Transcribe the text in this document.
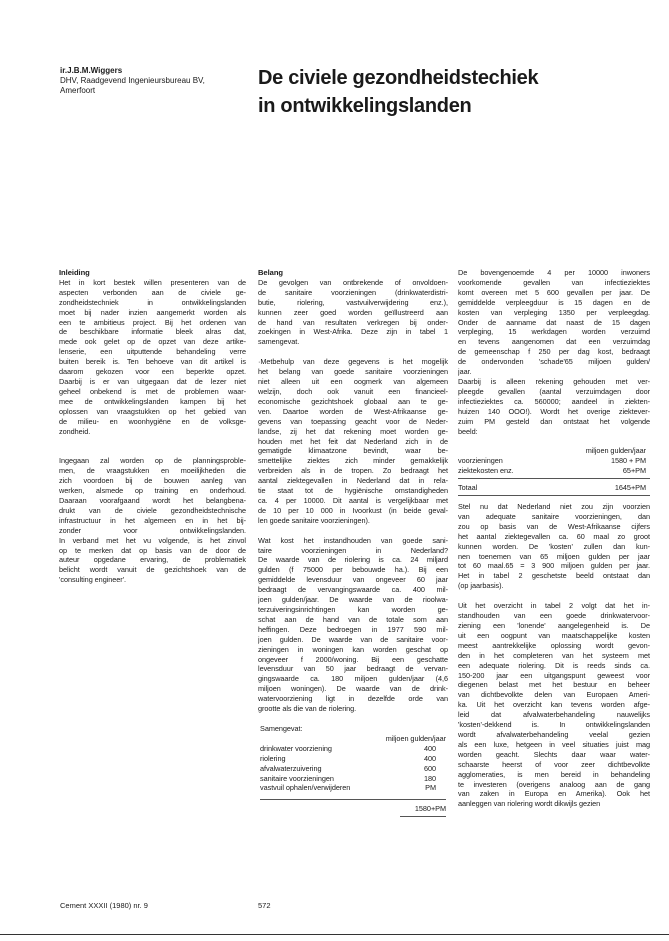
ir.J.B.M.Wiggers
DHV, Raadgevend Ingenieursbureau BV,
Amerfoort
De civiele gezondheidstechiek
in ontwikkelingslanden
Inleiding
Het in kort bestek willen presenteren van de
aspecten verbonden aan de civiele ge-
zondheidstechniek in ontwikkelingslanden
moet bij nader inzien aangemerkt worden als
een te ambitieus project. Bij het ordenen van
de beschikbare informatie bleek alras dat,
mede ook gelet op de opzet van deze artike-
lenserie, een uitputtende behandeling verre
buiten bereik is. Ten behoeve van dit artikel is
daarom gekozen voor een beperkte opzet.
Daarbij is er van uitgegaan dat de lezer niet
geheel onbekend is met de problemen waar-
mee de ontwikkelingslanden kampen bij het
oplossen van vraagstukken op het gebied van
de milieu- en woonhygiëne en de volksge-
zondheid.
Ingegaan zal worden op de planningsproble-
men, de vraagstukken en moeilijkheden die
zich voordoen bij de bouwen aanleg van
werken, alsmede op training en onderhoud.
Daaraan voorafgaand wordt het belangbena-
drukt van de civiele gezondheidstechnische
infrastructuur in het algemeen en in het bij-
zonder voor ontwikkelingslanden.
In verband met het vu volgende, is het zinvol
op te merken dat op basis van de door de
auteur opgedane ervaring, de problematiek
belicht wordt vanuit de gezichtshoek van de
'consulting engineer'.
Belang
De gevolgen van ontbrekende of onvoldoen-
de sanitaire voorzieningen (drinkwaterdistri-
butie, riolering, vastvuilverwijdering enz.),
kunnen zeer goed worden geïllustreerd aan
de hand van resultaten verkregen bij onder-
zoekingen in West-Afrika. Deze zijn in tabel 1
samengevat.
·Metbehulp van deze gegevens is het mogelijk
het belang van goede sanitaire voorzieningen
niet alleen uit een oogmerk van algemeen
welzijn, doch ook vanuit een financieel-
economische gezichtshoek globaal aan te ge-
ven. Daartoe worden de West-Afrikaanse ge-
gevens van toepassing geacht voor de Neder-
landse, zij het dat rekening moet worden ge-
houden met het feit dat Nederland zich in de
gematigde klimaatzone bevindt, waar be-
smettelijke ziektes zich minder gemakkelijk
verbreiden als in de tropen. Zo bedraagt het
aantal ziektegevallen in Nederland dat in rela-
tie staat tot de hygiënische omstandigheden
ca. 4 per 10000. Dit aantal is vergelijkbaar met
de 10 per 10 000 in Ivoorkust (in beide geval-
len goede sanitaire voorzieningen).
Wat kost het instandhouden van goede sani-
taire voorzieningen in Nederland?
De waarde van de riolering is ca. 24 miljard
gulden (f 75000 per bebouwde ha.). Bij een
gemiddelde levensduur van ongeveer 60 jaar
bedraagt de vervangingswaarde ca. 400 mil-
joen gulden/jaar. De waarde van de rioolwa-
terzuiveringsinrichtingen kan worden ge-
schat aan de hand van de totale som aan
heffingen. Deze bedroegen in 1977 590 mil-
joen gulden. De waarde van de sanitaire voor-
zieningen in woningen kan worden geschat op
ongeveer f 2000/woning. Bij een geschatte
levensduur van 50 jaar bedraagt de vervan-
gingswaarde ca. 180 miljoen gulden/jaar (4,6
miljoen woningen). De waarde van de drink-
watervoorziening ligt in dezelfde orde van
grootte als die van de riolering.
Samengevat:
miljoen gulden/jaar
drinkwater voorziening	400
riolering	400
afvalwaterzuivering	600
sanitaire voorzieningen	180
vastvuil ophalen/verwijderen	PM
1580+PM
De bovengenoemde 4 per 10000 inwoners
voorkomende gevallen van infectieziektes
komt overeen met 5 600 gevallen per jaar. De
gemiddelde verpleegduur is 15 dagen en de
kosten van verpleging 1350 per verpleegdag.
Onder de aanname dat naast de 15 dagen
verpleging, 15 werkdagen worden verzuimd
en tevens aangenomen dat een verzuimdag
de gemeenschap f 250 per dag kost, bedraagt
de ondervonden 'schade'65 miljoen gulden/
jaar.
Daarbij is alleen rekening gehouden met ver-
pleegde gevallen (aantal verzuimdagen door
infectieziektes ca. 560000; aandeel in ziekten-
huizen 140 OOO!). Wordt het overige ziektever-
zuim PM gesteld dan ontstaat het volgende
beeld:
miljoen gulden/jaar
voorzieningen	1580 + PM
ziektekosten enz.	65+PM
Totaal	1645+PM
Stel nu dat Nederland niet zou zijn voorzien
van adequate sanitaire voorzieningen, dan
zou op basis van de West-Afrikaanse cijfers
het aantal ziektegevallen ca. 60 maal zo groot
kunnen worden. De 'kosten' zullen dan kun-
nen toenemen van 65 miljoen gulden per jaar
tot 60 maal.65 = 3 900 miljoen gulden per jaar.
Het in tabel 2 geschetste beeld ontstaat dan
(op jaarbasis).
Uit het overzicht in tabel 2 volgt dat het in-
standhouden van een goede drinkwatervoor-
ziening een 'lonende' aangelegenheid is. De
uit een oogpunt van maatschappelijke kosten
meest aantrekkelijke oplossing wordt gevon-
den in het completeren van het systeem met
een adequate riolering. Dit is reeds sinds ca.
150-200 jaar een uitgangspunt geweest voor
diegenen belast met het bestuur en beheer
van dichtbevolkte delen van Europaen Ameri-
ka. Uit het overzicht kan tevens worden afge-
leid dat afvalwaterbehandeling nauwelijks
'kosten'-dekkend is. In ontwikkelingslanden
wordt afvalwaterbehandeling veelal gezien
als een luxe, hetgeen in veel situaties juist mag
worden geacht. Slechts daar waar water-
schaarste heerst of voor zeer dichtbevolkte
agglomeraties, is men bereid in behandeling
te investeren (overigens analoog aan de gang
van zaken in Europa en Amerika). Ook het
aanleggen van riolering wordt dikwijls gezien
Cement XXXII (1980) nr. 9	572
